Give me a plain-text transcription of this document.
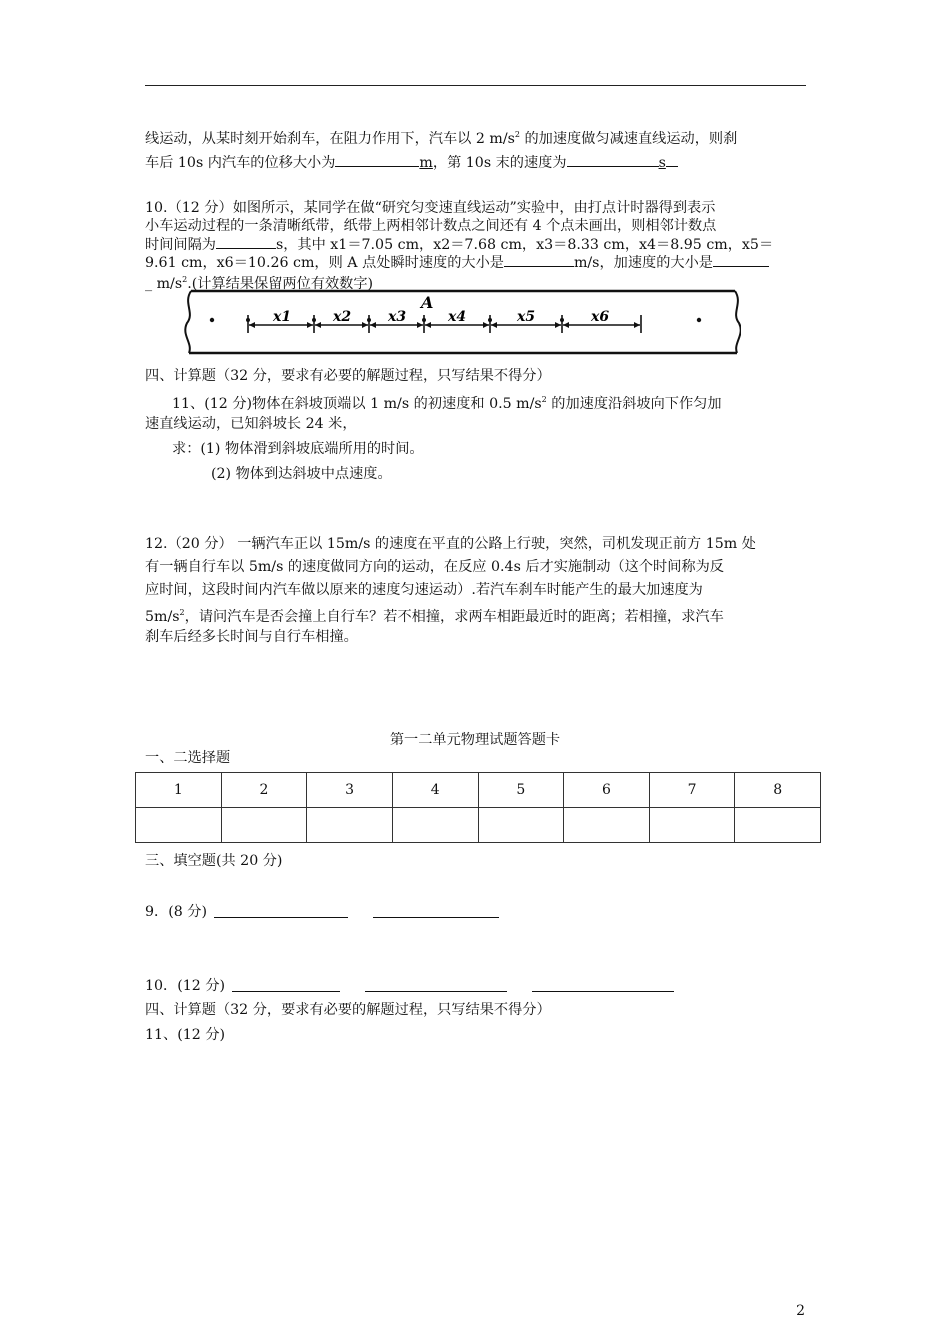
线运动，从某时刻开始刹车，在阻力作用下，汽车以 2 $m/s^2$ 的加速度做匀减速直线运动，则刹
车后 10s 内汽车的位移大小为	m，第 10s 末的速度为	s
10.（12 分）如图所示，某同学在做“研究匀变速直线运动”实验中，由打点计时器得到表示
小车运动过程的一条清晰纸带，纸带上两相邻计数点之间还有 4 个点未画出，则相邻计数点
时间间隔为	s，其中 x1＝7.05 cm，x2＝7.68 cm，x3＝8.33 cm，x4＝8.95 cm，x5＝
9.61 cm，x6＝10.26 cm，则 A 点处瞬时速度的大小是	m/s，加速度的大小是
_ $m/s^2$.(计算结果保留两位有效数字)
A
x1	x2	x3	x4	x5	x6
四、计算题（32 分，要求有必要的解题过程，只写结果不得分）
11、(12 分)物体在斜坡顶端以 1 m/s 的初速度和 0.5 $m/s^2$ 的加速度沿斜坡向下作匀加
速直线运动，已知斜坡长 24 米，
求：(1) 物体滑到斜坡底端所用的时间。
(2) 物体到达斜坡中点速度。
12.（20 分） 一辆汽车正以 15m/s 的速度在平直的公路上行驶，突然，司机发现正前方 15m 处
有一辆自行车以 5m/s 的速度做同方向的运动，在反应 0.4s 后才实施制动（这个时间称为反
应时间，这段时间内汽车做以原来的速度匀速运动）.若汽车刹车时能产生的最大加速度为
$5m/s^2$，请问汽车是否会撞上自行车？若不相撞，求两车相距最近时的距离；若相撞，求汽车
刹车后经多长时间与自行车相撞。
第一二单元物理试题答题卡
一、二选择题
1	2	3	4	5	6	7	8

三、填空题(共 20 分)
9．(8 分)
10．(12 分)
四、计算题（32 分，要求有必要的解题过程，只写结果不得分）
11、(12 分)
2
